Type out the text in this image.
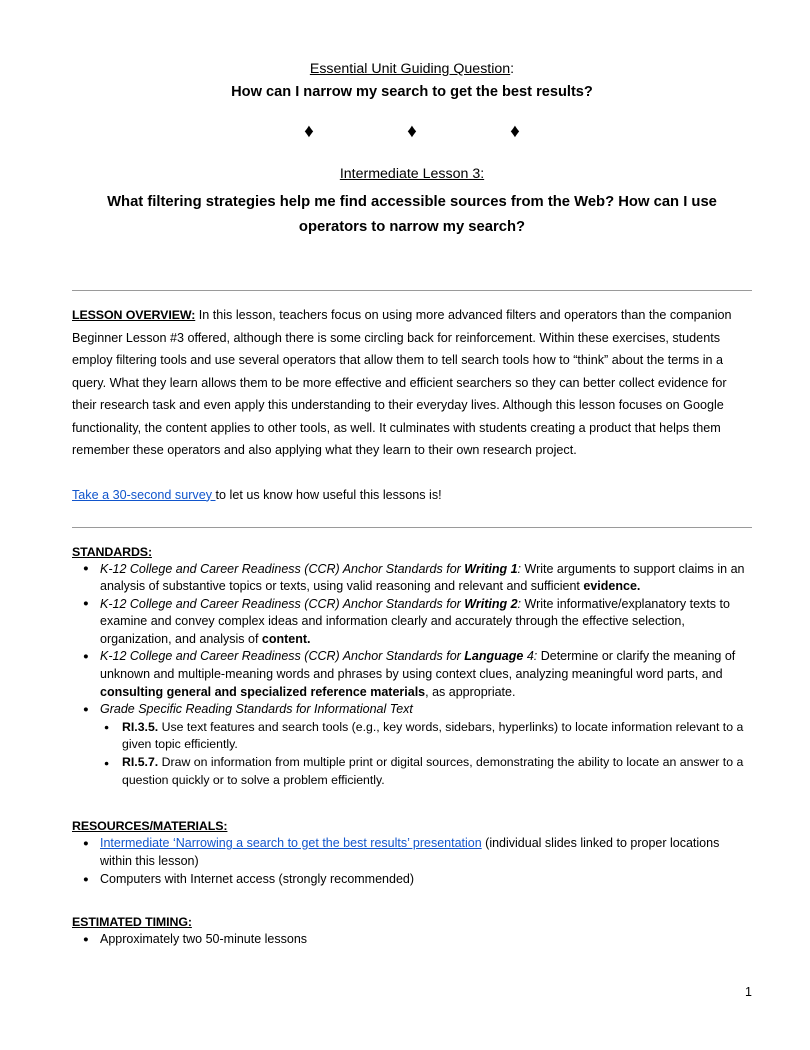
Essential Unit Guiding Question:
How can I narrow my search to get the best results?
♦ ♦ ♦
Intermediate Lesson 3:
What filtering strategies help me find accessible sources from the Web? How can I use operators to narrow my search?
LESSON OVERVIEW: In this lesson, teachers focus on using more advanced filters and operators than the companion Beginner Lesson #3 offered, although there is some circling back for reinforcement. Within these exercises, students employ filtering tools and use several operators that allow them to tell search tools how to “think” about the terms in a query. What they learn allows them to be more effective and efficient searchers so they can better collect evidence for their research task and even apply this understanding to their everyday lives. Although this lesson focuses on Google functionality, the content applies to other tools, as well. It culminates with students creating a product that helps them remember these operators and also applying what they learn to their own research project.
Take a 30-second survey to let us know how useful this lessons is!
STANDARDS:
● K-12 College and Career Readiness (CCR) Anchor Standards for Writing 1: Write arguments to support claims in an analysis of substantive topics or texts, using valid reasoning and relevant and sufficient evidence.
● K-12 College and Career Readiness (CCR) Anchor Standards for Writing 2: Write informative/explanatory texts to examine and convey complex ideas and information clearly and accurately through the effective selection, organization, and analysis of content.
● K-12 College and Career Readiness (CCR) Anchor Standards for Language 4: Determine or clarify the meaning of unknown and multiple-meaning words and phrases by using context clues, analyzing meaningful word parts, and consulting general and specialized reference materials, as appropriate.
● Grade Specific Reading Standards for Informational Text
● RI.3.5. Use text features and search tools (e.g., key words, sidebars, hyperlinks) to locate information relevant to a given topic efficiently.
● RI.5.7. Draw on information from multiple print or digital sources, demonstrating the ability to locate an answer to a question quickly or to solve a problem efficiently.
RESOURCES/MATERIALS:
● Intermediate ‘Narrowing a search to get the best results’ presentation (individual slides linked to proper locations within this lesson)
● Computers with Internet access (strongly recommended)
ESTIMATED TIMING:
● Approximately two 50-minute lessons
1
